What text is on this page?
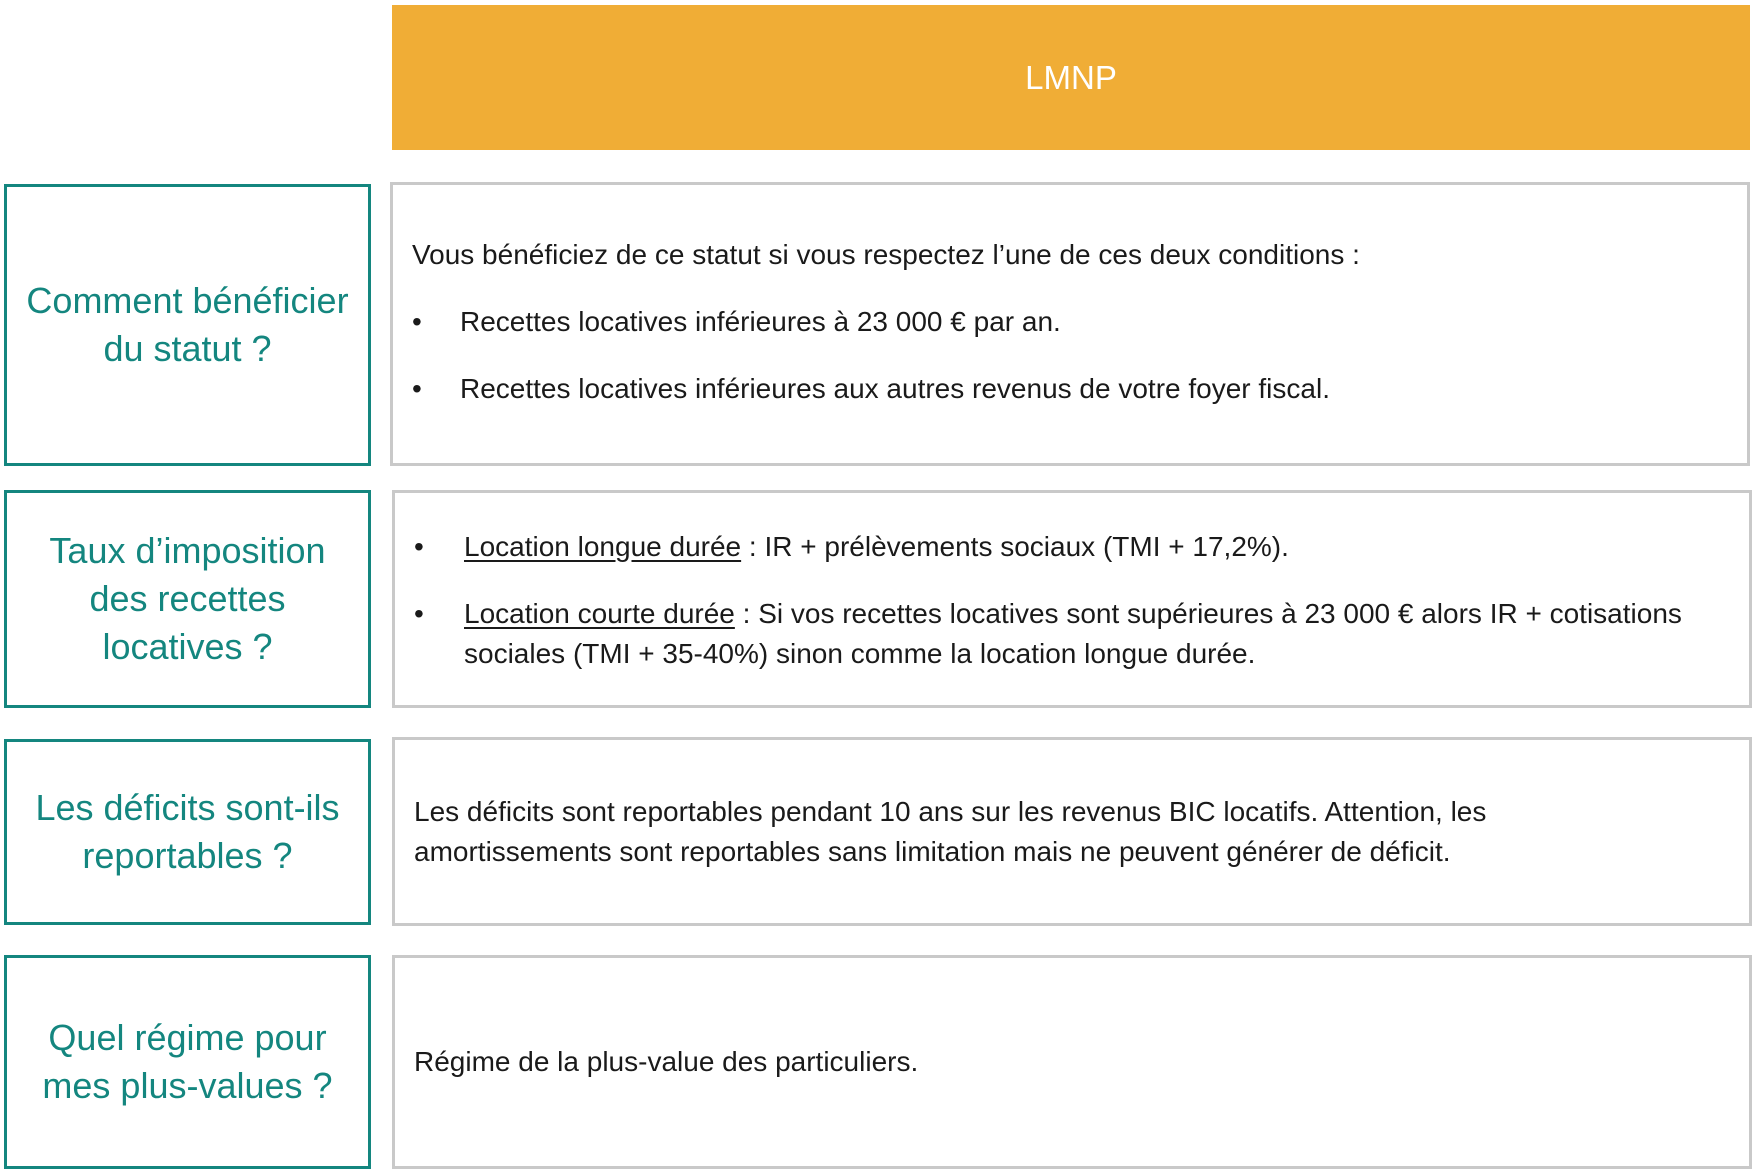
LMNP
Comment bénéficier du statut ?

Vous bénéficiez de ce statut si vous respectez l’une de ces deux conditions :

• Recettes locatives inférieures à 23 000 € par an.
• Recettes locatives inférieures aux autres revenus de votre foyer fiscal.
Taux d’imposition des recettes locatives ?
• Location longue durée : IR + prélèvements sociaux (TMI + 17,2%).
• Location courte durée : Si vos recettes locatives sont supérieures à 23 000 € alors IR + cotisations sociales (TMI + 35-40%) sinon comme la location longue durée.
Les déficits sont-ils reportables ?
Les déficits sont reportables pendant 10 ans sur les revenus BIC locatifs. Attention, les amortissements sont reportables sans limitation mais ne peuvent générer de déficit.
Quel régime pour mes plus-values ?
Régime de la plus-value des particuliers.
